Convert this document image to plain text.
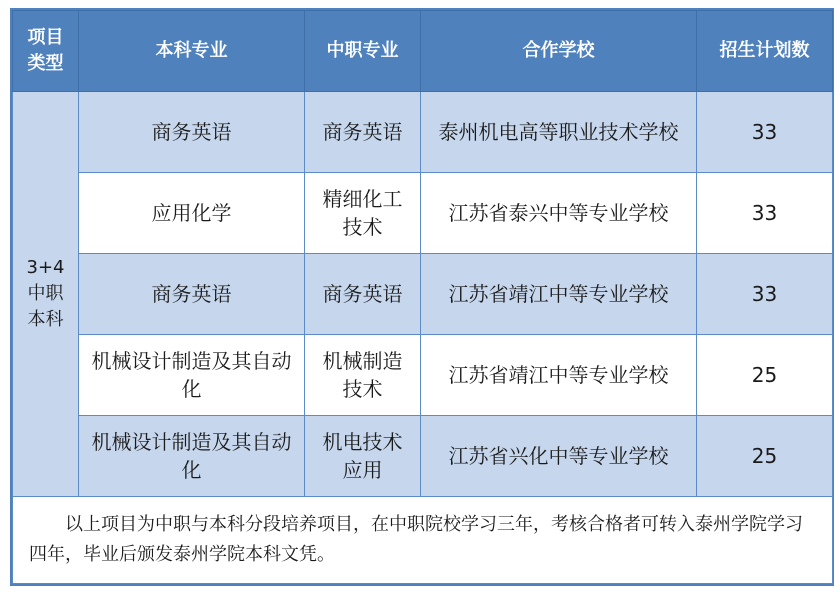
项目
类型	本科专业	中职专业	合作学校	招生计划数
3+4
中职
本科	商务英语	商务英语	泰州机电高等职业技术学校	33
	应用化学	精细化工技术	江苏省泰兴中等专业学校	33
	商务英语	商务英语	江苏省靖江中等专业学校	33
	机械设计制造及其自动化	机械制造技术	江苏省靖江中等专业学校	25
	机械设计制造及其自动化	机电技术应用	江苏省兴化中等专业学校	25
以上项目为中职与本科分段培养项目，在中职院校学习三年，考核合格者可转入泰州学院学习四年，毕业后颁发泰州学院本科文凭。				
